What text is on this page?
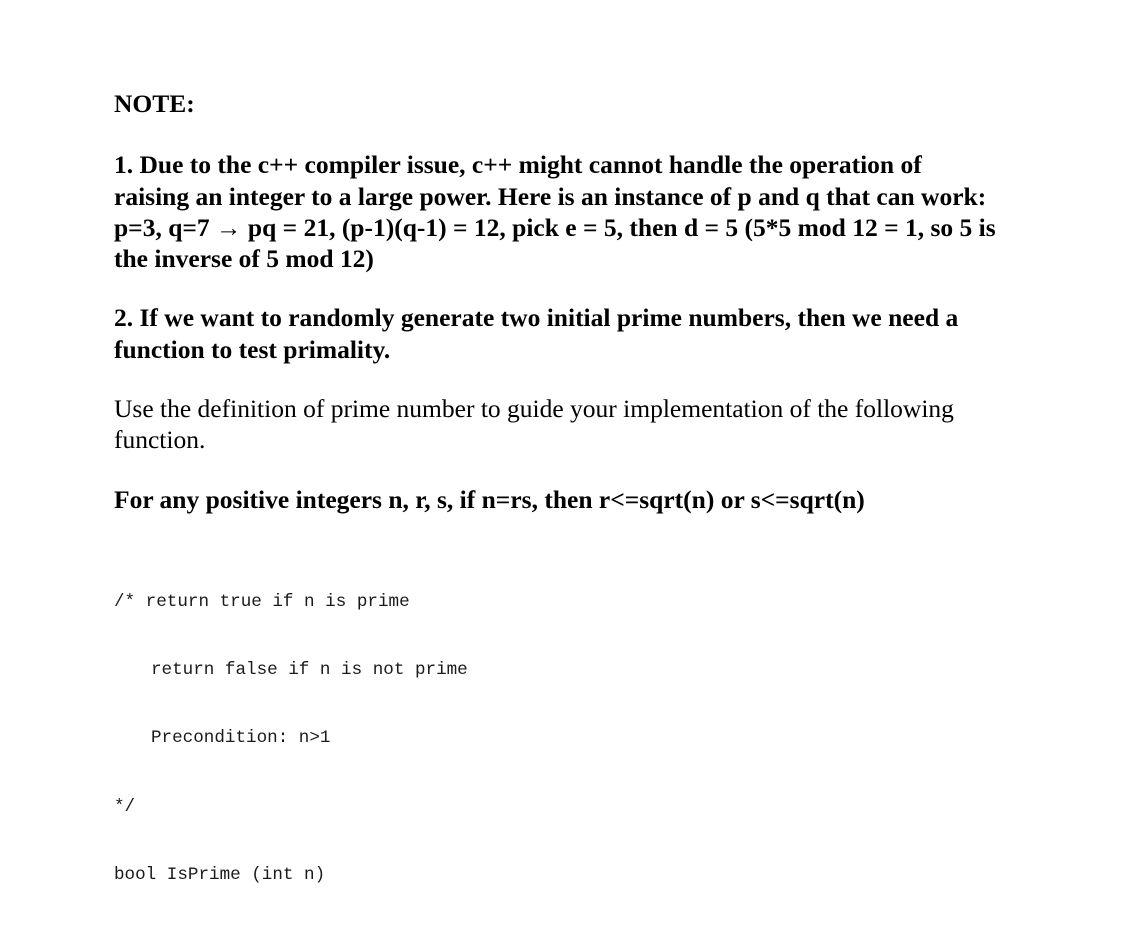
NOTE:
1. Due to the c++ compiler issue, c++ might cannot handle the operation of
raising an integer to a large power. Here is an instance of p and q that can work:
p=3, q=7 → pq = 21, (p-1)(q-1) = 12, pick e = 5, then d = 5 (5*5 mod 12 = 1, so 5 is
the inverse of 5 mod 12)
2. If we want to randomly generate two initial prime numbers, then we need a
function to test primality.
Use the definition of prime number to guide your implementation of the following
function.
For any positive integers n, r, s, if n=rs, then r<=sqrt(n) or s<=sqrt(n)

/* return true if n is prime

return false if n is not prime

Precondition: n>1

*/

bool IsPrime (int n)
